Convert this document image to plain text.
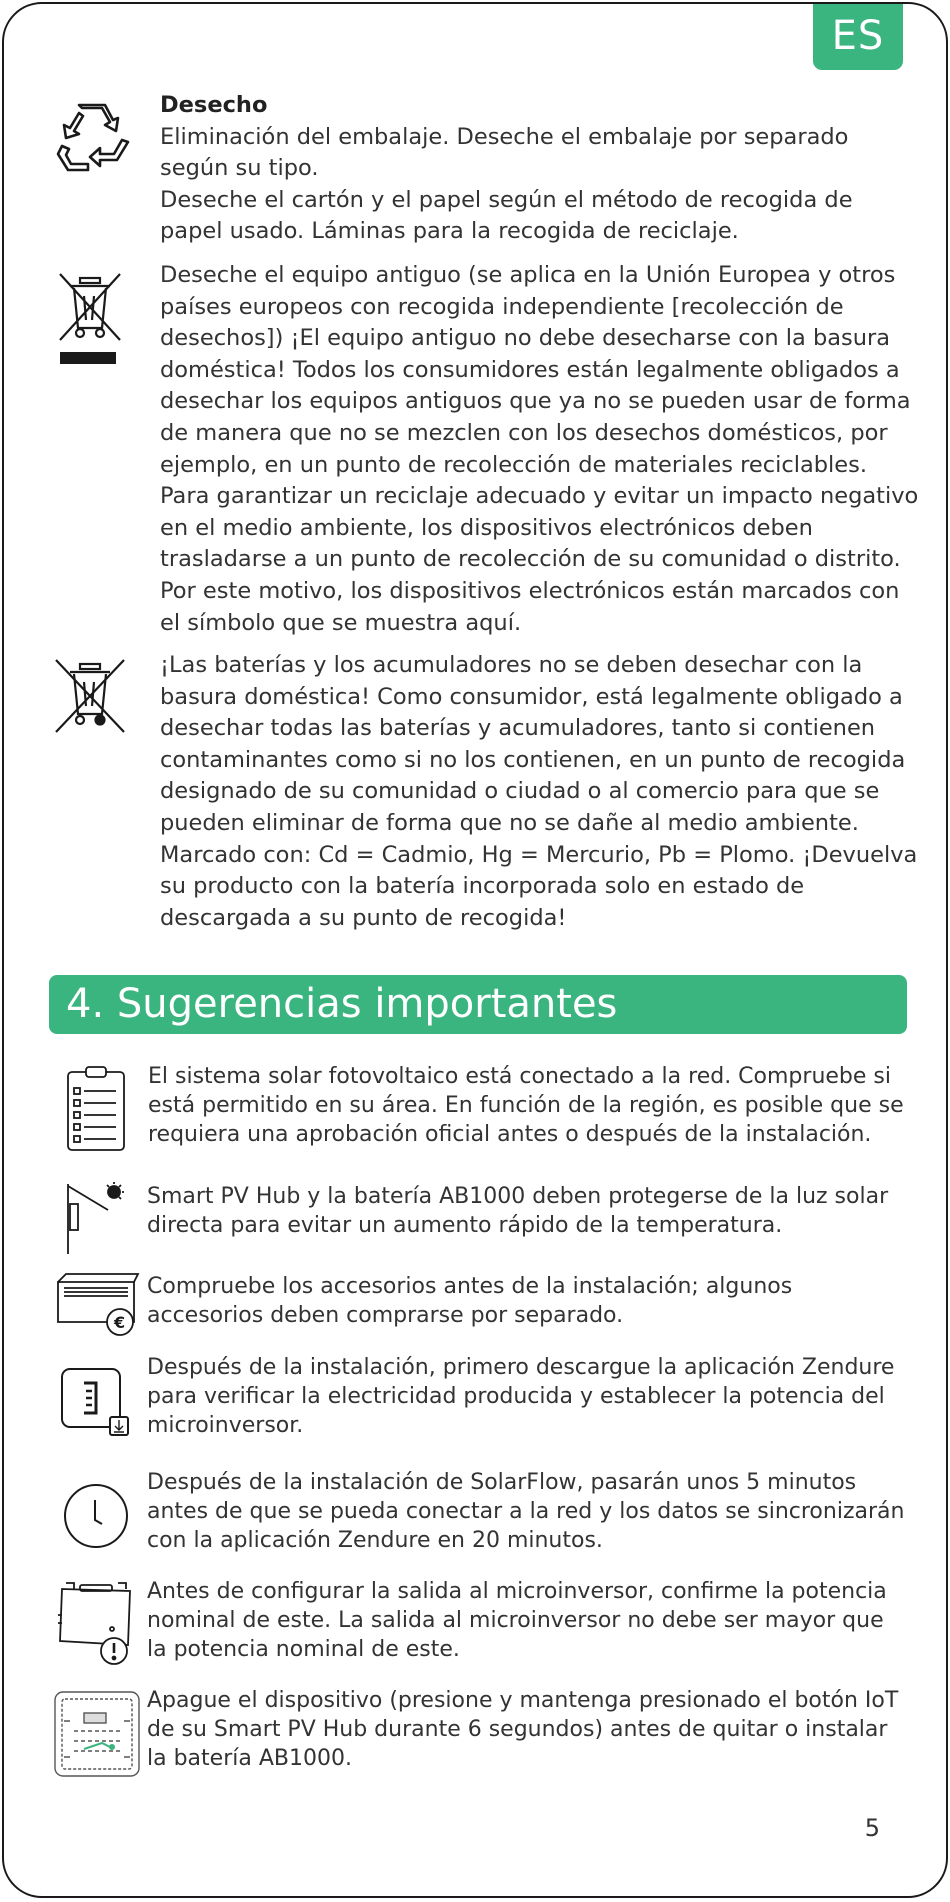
ES

Desecho

Eliminación del embalaje. Deseche el embalaje por separado según su tipo.

Deseche el cartón y el papel según el método de recogida de papel usado. Láminas para la recogida de reciclaje.

Deseche el equipo antiguo (se aplica en la Unión Europea y otros países europeos con recogida independiente [recolección de desechos]) ¡El equipo antiguo no debe desecharse con la basura doméstica! Todos los consumidores están legalmente obligados a desechar los equipos antiguos que ya no se pueden usar de forma de manera que no se mezclen con los desechos domésticos, por ejemplo, en un punto de recolección de materiales reciclables.

Para garantizar un reciclaje adecuado y evitar un impacto negativo en el medio ambiente, los dispositivos electrónicos deben trasladarse a un punto de recolección de su comunidad o distrito. Por este motivo, los dispositivos electrónicos están marcados con el símbolo que se muestra aquí.

¡Las baterías y los acumuladores no se deben desechar con la basura doméstica! Como consumidor, está legalmente obligado a desechar todas las baterías y acumuladores, tanto si contienen contaminantes como si no los contienen, en un punto de recogida designado de su comunidad o ciudad o al comercio para que se pueden eliminar de forma que no se dañe al medio ambiente.

Marcado con: Cd = Cadmio, Hg = Mercurio, Pb = Plomo. ¡Devuelva su producto con la batería incorporada solo en estado de descargada a su punto de recogida!

4. Sugerencias importantes

El sistema solar fotovoltaico está conectado a la red. Compruebe si está permitido en su área. En función de la región, es posible que se requiera una aprobación oficial antes o después de la instalación.

Smart PV Hub y la batería AB1000 deben protegerse de la luz solar directa para evitar un aumento rápido de la temperatura.

€

Compruebe los accesorios antes de la instalación; algunos accesorios deben comprarse por separado.

Después de la instalación, primero descargue la aplicación Zendure para verificar la electricidad producida y establecer la potencia del microinversor.

Después de la instalación de SolarFlow, pasarán unos 5 minutos antes de que se pueda conectar a la red y los datos se sincronizarán con la aplicación Zendure en 20 minutos.

Antes de configurar la salida al microinversor, confirme la potencia nominal de este. La salida al microinversor no debe ser mayor que la potencia nominal de este.

Apague el dispositivo (presione y mantenga presionado el botón IoT de su Smart PV Hub durante 6 segundos) antes de quitar o instalar la batería AB1000.

5
